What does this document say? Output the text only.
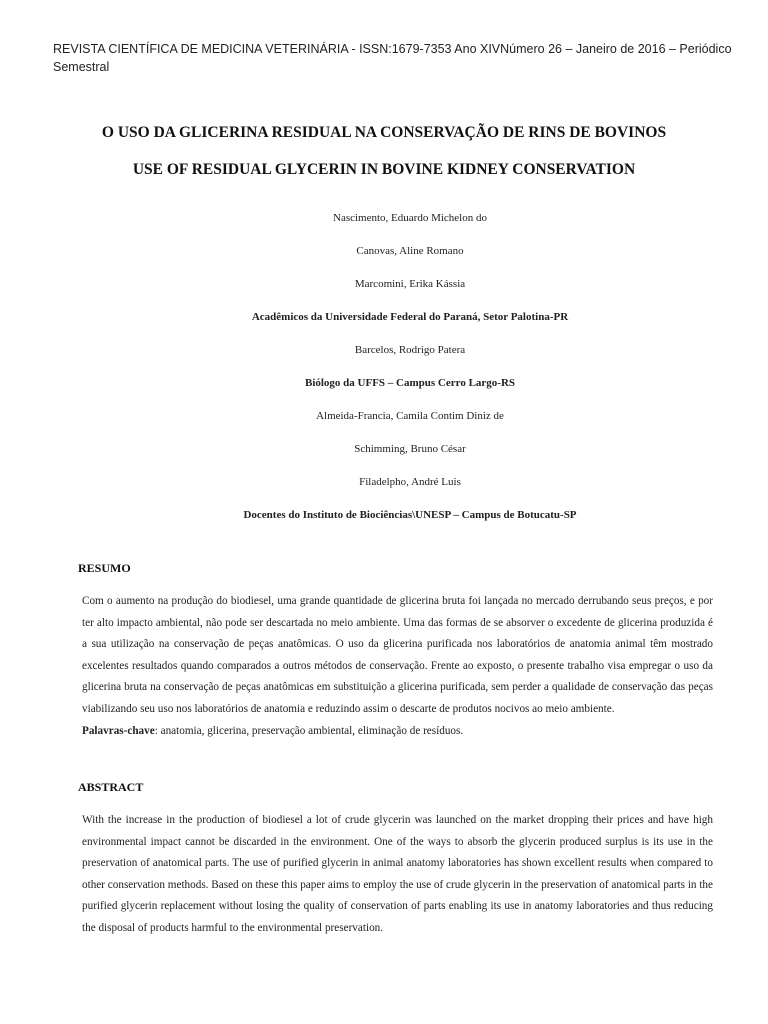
REVISTA CIENTÍFICA DE MEDICINA VETERINÁRIA - ISSN:1679-7353 Ano XIVNúmero 26 – Janeiro de 2016 – Periódico Semestral
O USO DA GLICERINA RESIDUAL NA CONSERVAÇÃO DE RINS DE BOVINOS
USE OF RESIDUAL GLYCERIN IN BOVINE KIDNEY CONSERVATION
Nascimento, Eduardo Michelon do
Canovas, Aline Romano
Marcomini, Erika Kássia
Acadêmicos da Universidade Federal do Paraná, Setor Palotina-PR
Barcelos, Rodrigo Patera
Biólogo da UFFS – Campus Cerro Largo-RS
Almeida-Francia, Camila Contim Diniz de
Schimming, Bruno César
Filadelpho, André Luis
Docentes do Instituto de Biociências\UNESP – Campus de Botucatu-SP
RESUMO
Com o aumento na produção do biodiesel, uma grande quantidade de glicerina bruta foi lançada no mercado derrubando seus preços, e por ter alto impacto ambiental, não pode ser descartada no meio ambiente. Uma das formas de se absorver o excedente de glicerina produzida é a sua utilização na conservação de peças anatômicas. O uso da glicerina purificada nos laboratórios de anatomia animal têm mostrado excelentes resultados quando comparados a outros métodos de conservação. Frente ao exposto, o presente trabalho visa empregar o uso da glicerina bruta na conservação de peças anatômicas em substituição a glicerina purificada, sem perder a qualidade de conservação das peças viabilizando seu uso nos laboratórios de anatomia e reduzindo assim o descarte de produtos nocivos ao meio ambiente.
Palavras-chave: anatomia, glicerina, preservação ambiental, eliminação de resíduos.
ABSTRACT
With the increase in the production of biodiesel a lot of crude glycerin was launched on the market dropping their prices and have high environmental impact cannot be discarded in the environment. One of the ways to absorb the glycerin produced surplus is its use in the preservation of anatomical parts. The use of purified glycerin in animal anatomy laboratories has shown excellent results when compared to other conservation methods. Based on these this paper aims to employ the use of crude glycerin in the preservation of anatomical parts in the purified glycerin replacement without losing the quality of conservation of parts enabling its use in anatomy laboratories and thus reducing the disposal of products harmful to the environmental preservation.
